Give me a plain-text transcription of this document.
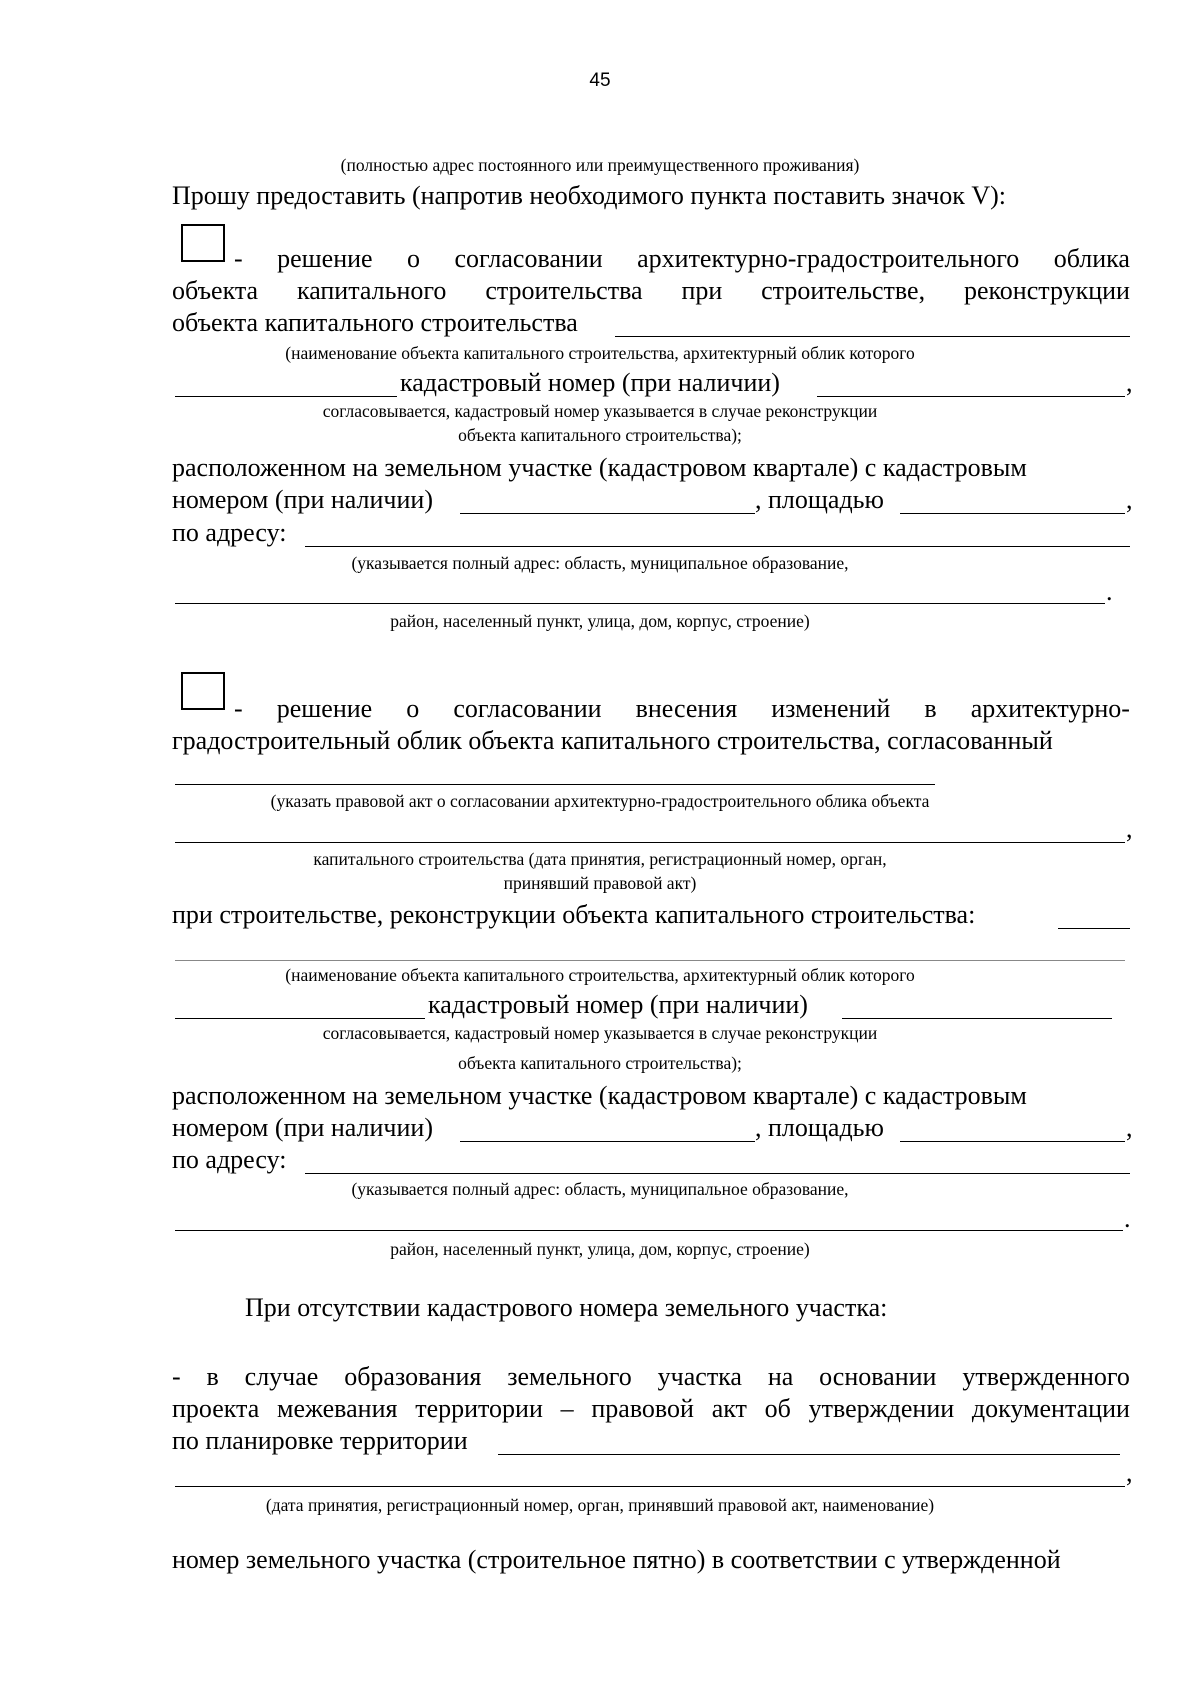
45
(полностью адрес постоянного или преимущественного проживания)
Прошу предоставить (напротив необходимого пункта поставить значок V):
- решение о согласовании архитектурно-градостроительного облика
объекта капитального строительства при строительстве, реконструкции
объекта капитального строительства
(наименование объекта капитального строительства, архитектурный облик которого
кадастровый номер (при наличии)	,
согласовывается, кадастровый номер указывается в случае реконструкции
объекта капитального строительства);
расположенном на земельном участке (кадастровом квартале) с кадастровым
номером (при наличии)	, площадью	,
по адресу:
(указывается полный адрес: область, муниципальное образование,
.
район, населенный пункт, улица, дом, корпус, строение)
- решение о согласовании внесения изменений в архитектурно-
градостроительный облик объекта капитального строительства, согласованный
(указать правовой акт о согласовании архитектурно-градостроительного облика объекта
,
капитального строительства (дата принятия, регистрационный номер, орган,
принявший правовой акт)
при строительстве, реконструкции объекта капитального строительства:
(наименование объекта капитального строительства, архитектурный облик которого
кадастровый номер (при наличии)
согласовывается, кадастровый номер указывается в случае реконструкции
объекта капитального строительства);
расположенном на земельном участке (кадастровом квартале) с кадастровым
номером (при наличии)	, площадью	,
по адресу:
(указывается полный адрес: область, муниципальное образование,
.
район, населенный пункт, улица, дом, корпус, строение)
При отсутствии кадастрового номера земельного участка:
- в случае образования земельного участка на основании утвержденного
проекта межевания территории – правовой акт об утверждении документации
по планировке территории
,
(дата принятия, регистрационный номер, орган, принявший правовой акт, наименование)
номер земельного участка (строительное пятно) в соответствии с утвержденной
